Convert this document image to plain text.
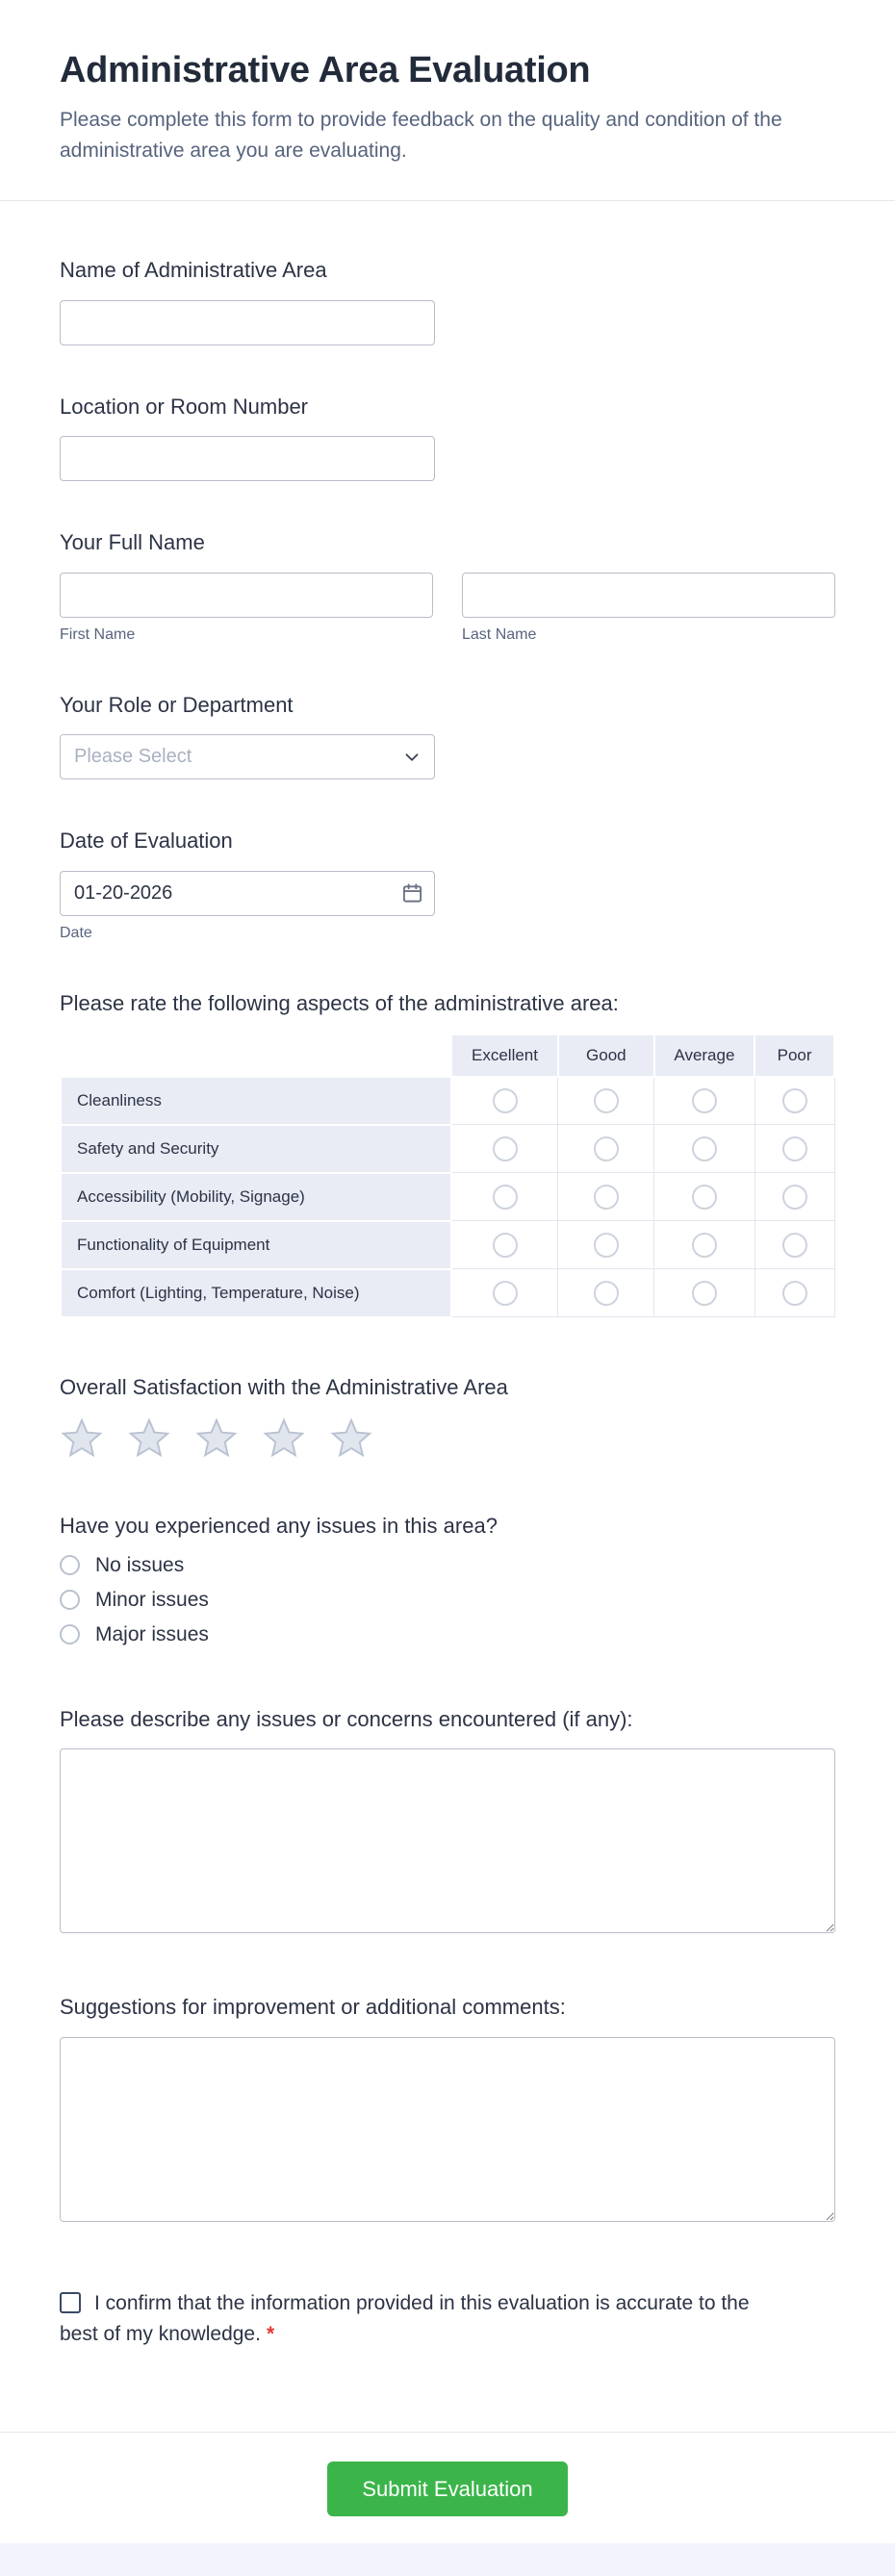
Administrative Area Evaluation

Please complete this form to provide feedback on the quality and condition of the administrative area you are evaluating.

Name of Administrative Area
Location or Room Number
Your Full Name
First Name	Last Name
Your Role or Department
Please Select
Date of Evaluation
01-20-2026
Date
Please rate the following aspects of the administrative area:
	Excellent	Good	Average	Poor
Cleanliness				
Safety and Security				
Accessibility (Mobility, Signage)				
Functionality of Equipment				
Comfort (Lighting, Temperature, Noise)				
Overall Satisfaction with the Administrative Area
Have you experienced any issues in this area?
No issues
Minor issues
Major issues
Please describe any issues or concerns encountered (if any):
Suggestions for improvement or additional comments:
I confirm that the information provided in this evaluation is accurate to the best of my knowledge. *
Submit Evaluation
